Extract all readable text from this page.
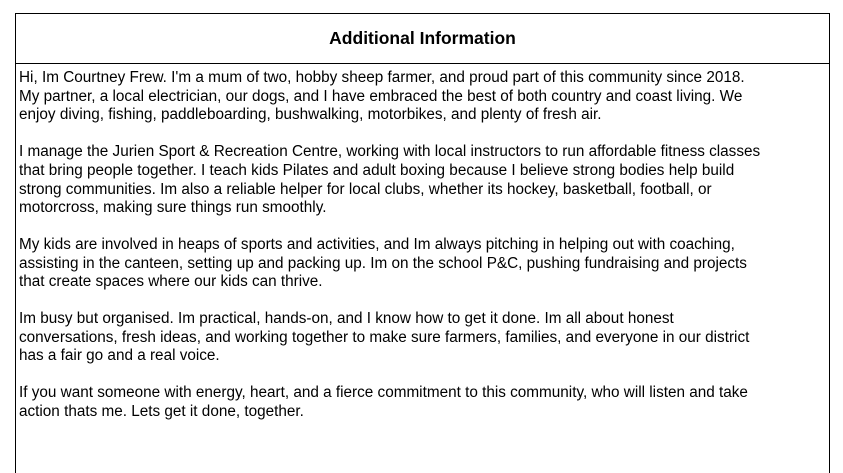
Additional Information

Hi, Im Courtney Frew. I'm a mum of two, hobby sheep farmer, and proud part of this community since 2018.
My partner, a local electrician, our dogs, and I have embraced the best of both country and coast living. We
enjoy diving, fishing, paddleboarding, bushwalking, motorbikes, and plenty of fresh air.

I manage the Jurien Sport & Recreation Centre, working with local instructors to run affordable fitness classes
that bring people together. I teach kids Pilates and adult boxing because I believe strong bodies help build
strong communities. Im also a reliable helper for local clubs, whether its hockey, basketball, football, or
motorcross, making sure things run smoothly.

My kids are involved in heaps of sports and activities, and Im always pitching in helping out with coaching,
assisting in the canteen, setting up and packing up. Im on the school P&C, pushing fundraising and projects
that create spaces where our kids can thrive.

Im busy but organised. Im practical, hands-on, and I know how to get it done. Im all about honest
conversations, fresh ideas, and working together to make sure farmers, families, and everyone in our district
has a fair go and a real voice.

If you want someone with energy, heart, and a fierce commitment to this community, who will listen and take
action thats me. Lets get it done, together.
